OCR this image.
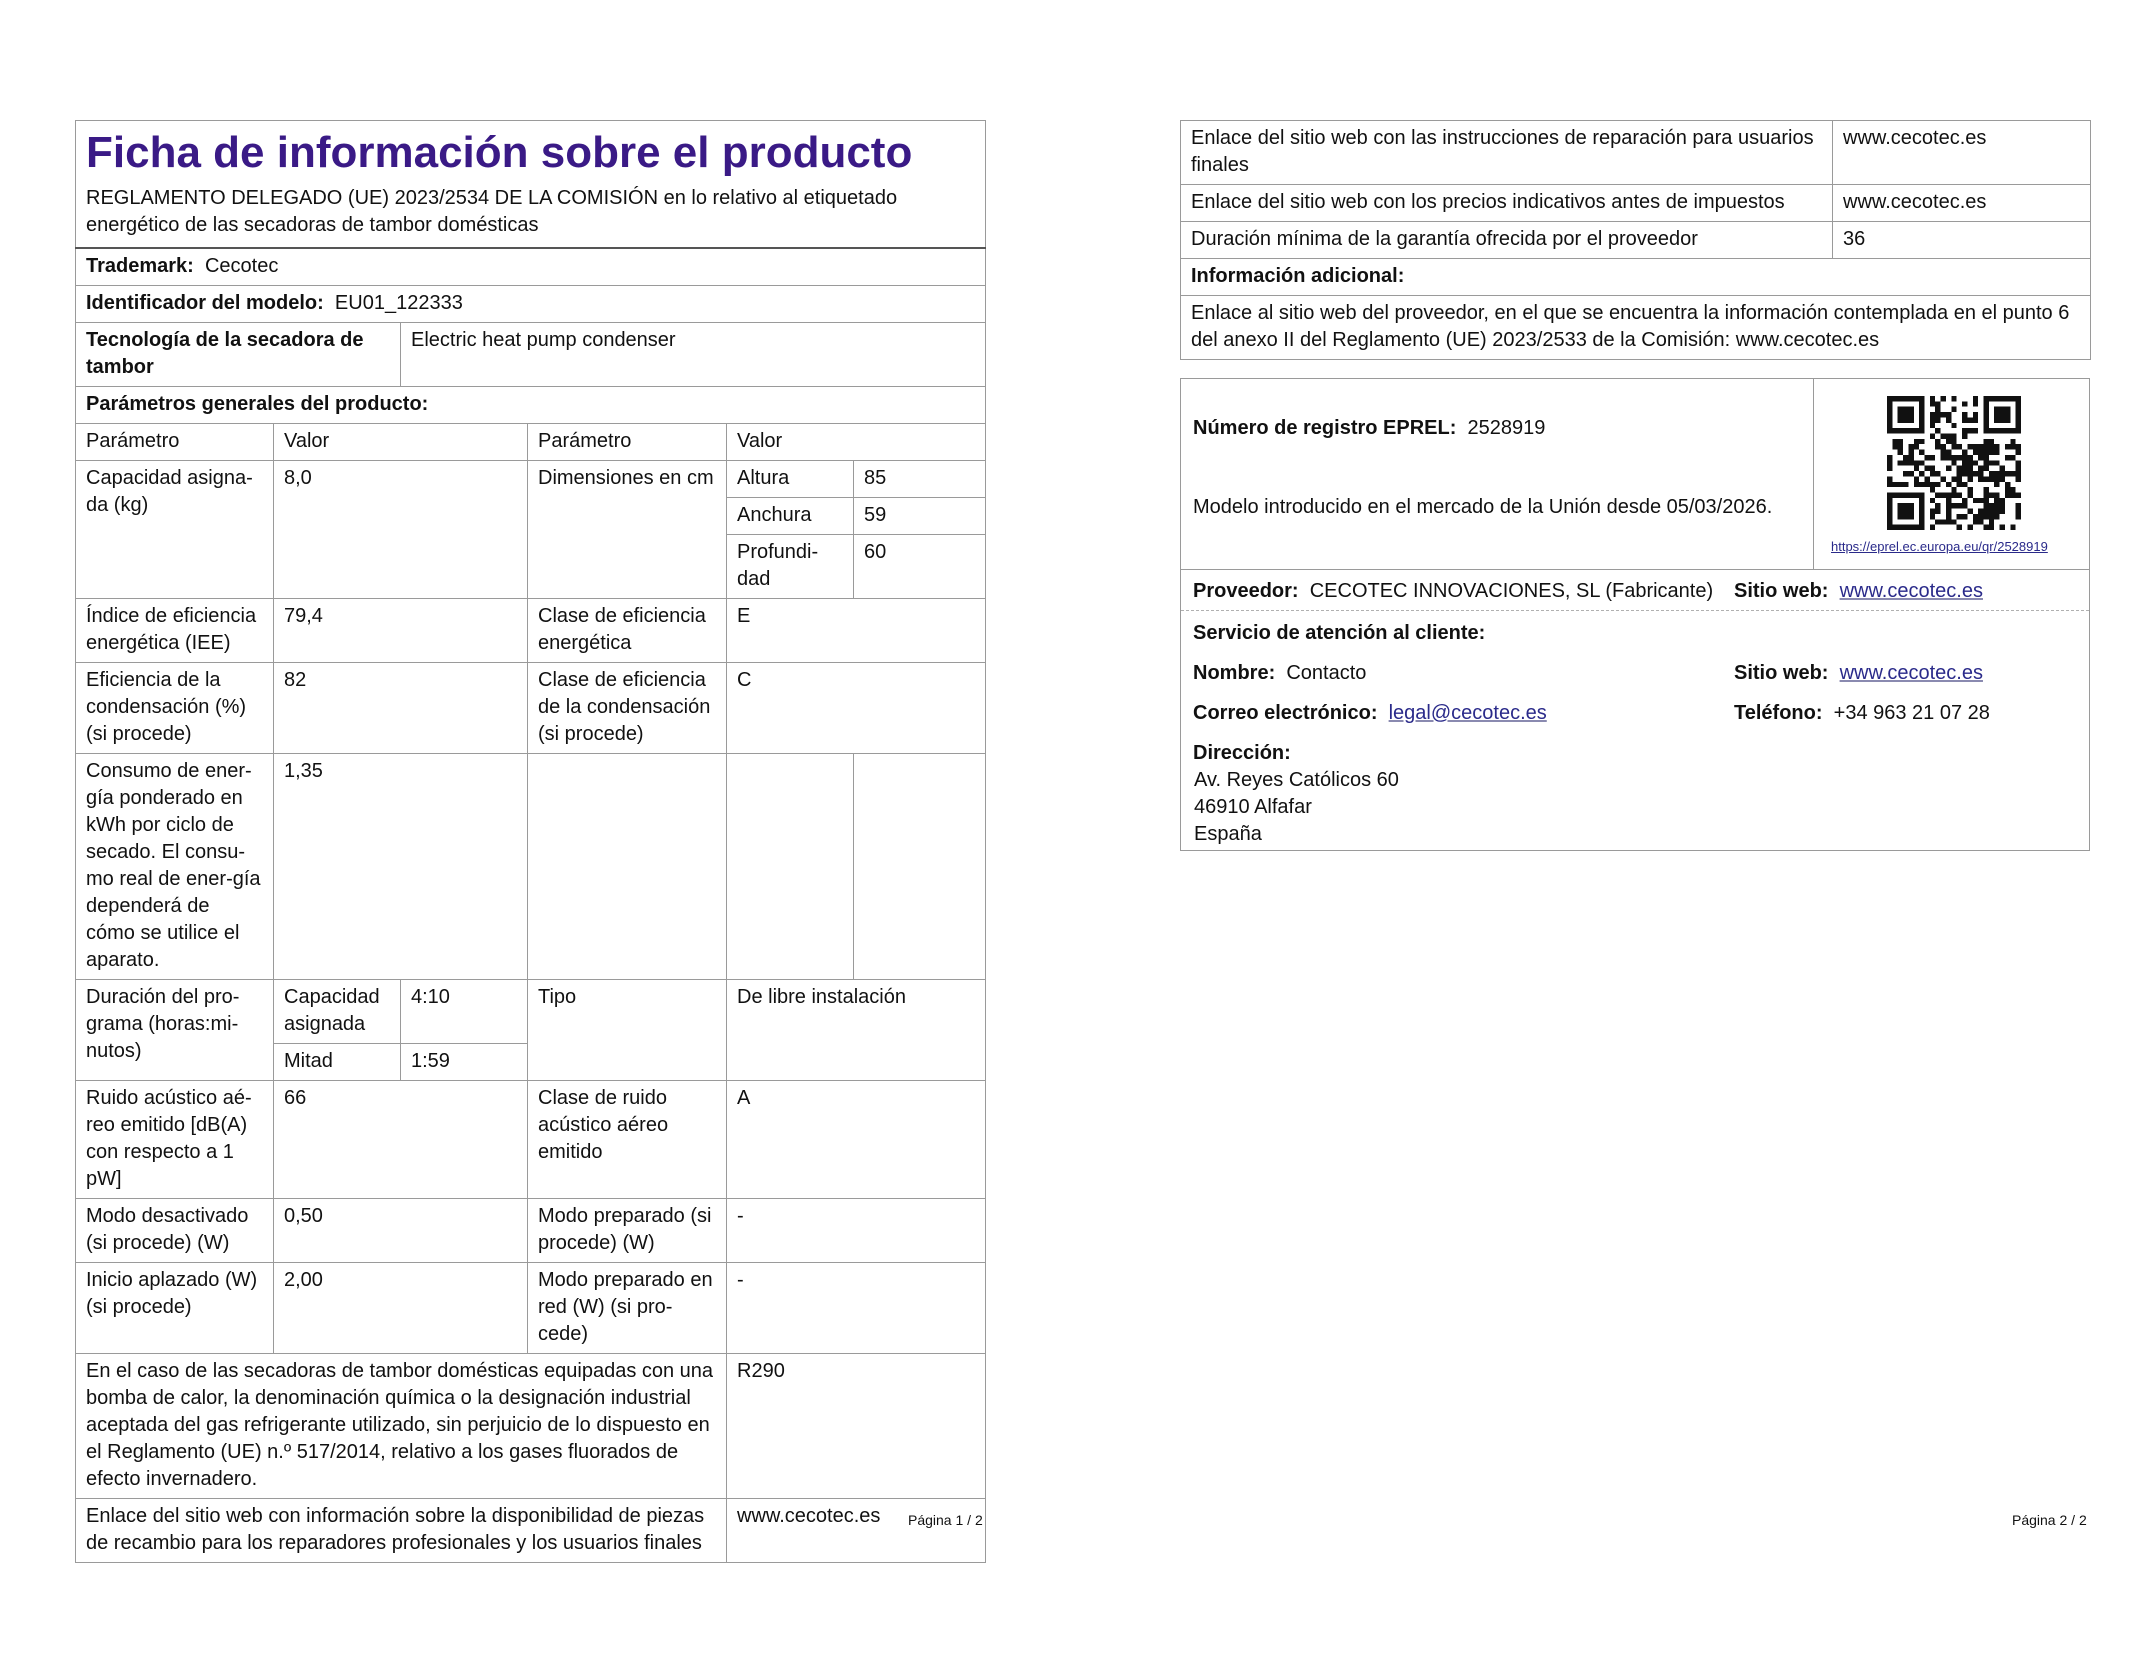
Ficha de información sobre el producto
REGLAMENTO DELEGADO (UE) 2023/2534 DE LA COMISIÓN en lo relativo al etiquetado energético de las secadoras de tambor domésticas					

Trademark: Cecotec					
Identificador del modelo: EU01_122333					
Tecnología de la secadora de tambor		Electric heat pump condenser			
Parámetros generales del producto:					
Parámetro	Valor		Parámetro	Valor	
Capacidad asigna-da (kg)	8,0		Dimensiones en cm	Altura	85
				Anchura	59
				Profundi-dad	60
Índice de eficiencia energética (IEE)	79,4		Clase de eficiencia energética	E	
Eficiencia de la condensación (%) (si procede)	82		Clase de eficiencia de la condensación (si procede)	C	
Consumo de ener-gía ponderado en kWh por ciclo de secado. El consu-mo real de ener-gía dependerá de cómo se utilice el aparato.	1,35				
Duración del pro-grama (horas:mi-nutos)	Capacidad asignada	4:10	Tipo	De libre instalación	
	Mitad	1:59			
Ruido acústico aé-reo emitido [dB(A) con respecto a 1 pW]	66		Clase de ruido acústico aéreo emitido	A	
Modo desactivado (si procede) (W)	0,50		Modo preparado (si procede) (W)	-	
Inicio aplazado (W) (si procede)	2,00		Modo preparado en red (W) (si pro-cede)	-	
En el caso de las secadoras de tambor domésticas equipadas con una bomba de calor, la denominación química o la designación industrial aceptada del gas refrigerante utilizado, sin perjuicio de lo dispuesto en el Reglamento (UE) n.º 517/2014, relativo a los gases fluorados de efecto invernadero.				R290	
Enlace del sitio web con información sobre la disponibilidad de piezas de recambio para los reparadores profesionales y los usuarios finales				www.cecotec.es	Página 1 / 2
Enlace del sitio web con las instrucciones de reparación para usuarios finales	www.cecotec.es
Enlace del sitio web con los precios indicativos antes de impuestos	www.cecotec.es
Duración mínima de la garantía ofrecida por el proveedor	36
Información adicional:	
Enlace al sitio web del proveedor, en el que se encuentra la información contemplada en el punto 6 del anexo II del Reglamento (UE) 2023/2533 de la Comisión: www.cecotec.es	
Número de registro EPREL: 2528919
Modelo introducido en el mercado de la Unión desde 05/03/2026.
https://eprel.ec.europa.eu/qr/2528919
Proveedor: CECOTEC INNOVACIONES, SL (Fabricante) Sitio web: www.cecotec.es
Servicio de atención al cliente:
Nombre: Contacto	Sitio web: www.cecotec.es
Correo electrónico: legal@cecotec.es	Teléfono: +34 963 21 07 28
Dirección:
Av. Reyes Católicos 60
46910 Alfafar
España
Página 2 / 2
